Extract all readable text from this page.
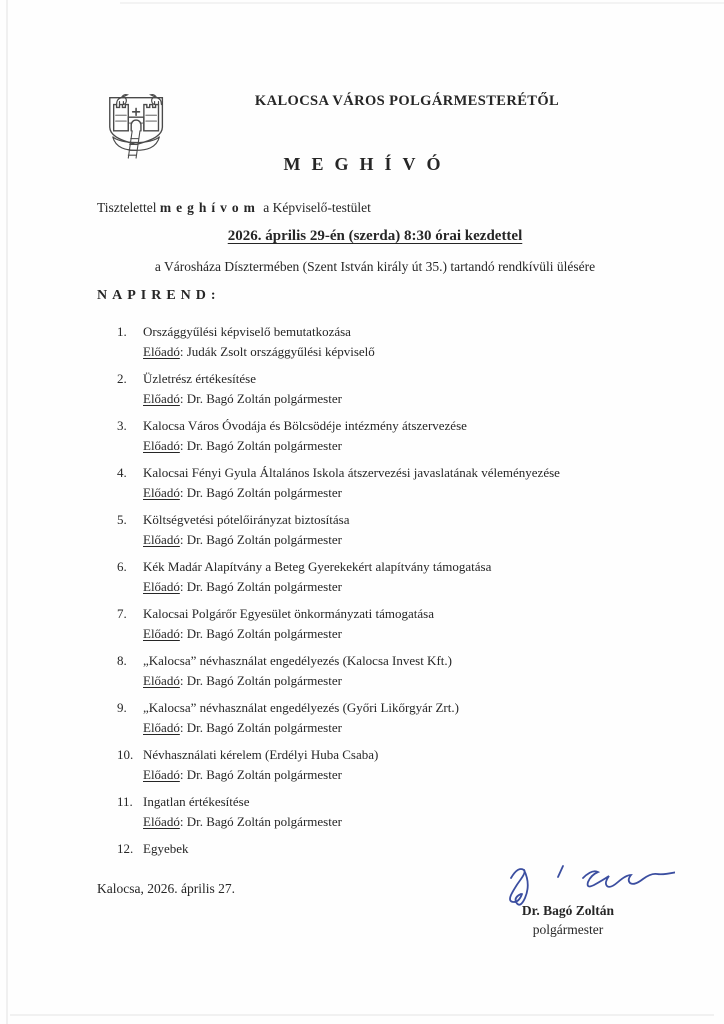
KALOCSA VÁROS POLGÁRMESTERÉTŐL
MEGHÍVÓ
Tisztelettel meghívom a Képviselő-testület
2026. április 29-én (szerda) 8:30 órai kezdettel
a Városháza Dísztermében (Szent István király út 35.) tartandó rendkívüli ülésére
NAPIREND:
1.	Országgyűlési képviselő bemutatkozása
Előadó: Judák Zsolt országgyűlési képviselő
2.	Üzletrész értékesítése
Előadó: Dr. Bagó Zoltán polgármester
3.	Kalocsa Város Óvodája és Bölcsödéje intézmény átszervezése
Előadó: Dr. Bagó Zoltán polgármester
4.	Kalocsai Fényi Gyula Általános Iskola átszervezési javaslatának véleményezése
Előadó: Dr. Bagó Zoltán polgármester
5.	Költségvetési pótelőirányzat biztosítása
Előadó: Dr. Bagó Zoltán polgármester
6.	Kék Madár Alapítvány a Beteg Gyerekekért alapítvány támogatása
Előadó: Dr. Bagó Zoltán polgármester
7.	Kalocsai Polgárőr Egyesület önkormányzati támogatása
Előadó: Dr. Bagó Zoltán polgármester
8.	„Kalocsa” névhasználat engedélyezés (Kalocsa Invest Kft.)
Előadó: Dr. Bagó Zoltán polgármester
9.	„Kalocsa” névhasználat engedélyezés (Győri Likőrgyár Zrt.)
Előadó: Dr. Bagó Zoltán polgármester
10. Névhasználati kérelem (Erdélyi Huba Csaba)
Előadó: Dr. Bagó Zoltán polgármester
11. Ingatlan értékesítése
Előadó: Dr. Bagó Zoltán polgármester
12. Egyebek
Kalocsa, 2026. április 27.
Dr. Bagó Zoltán
polgármester
